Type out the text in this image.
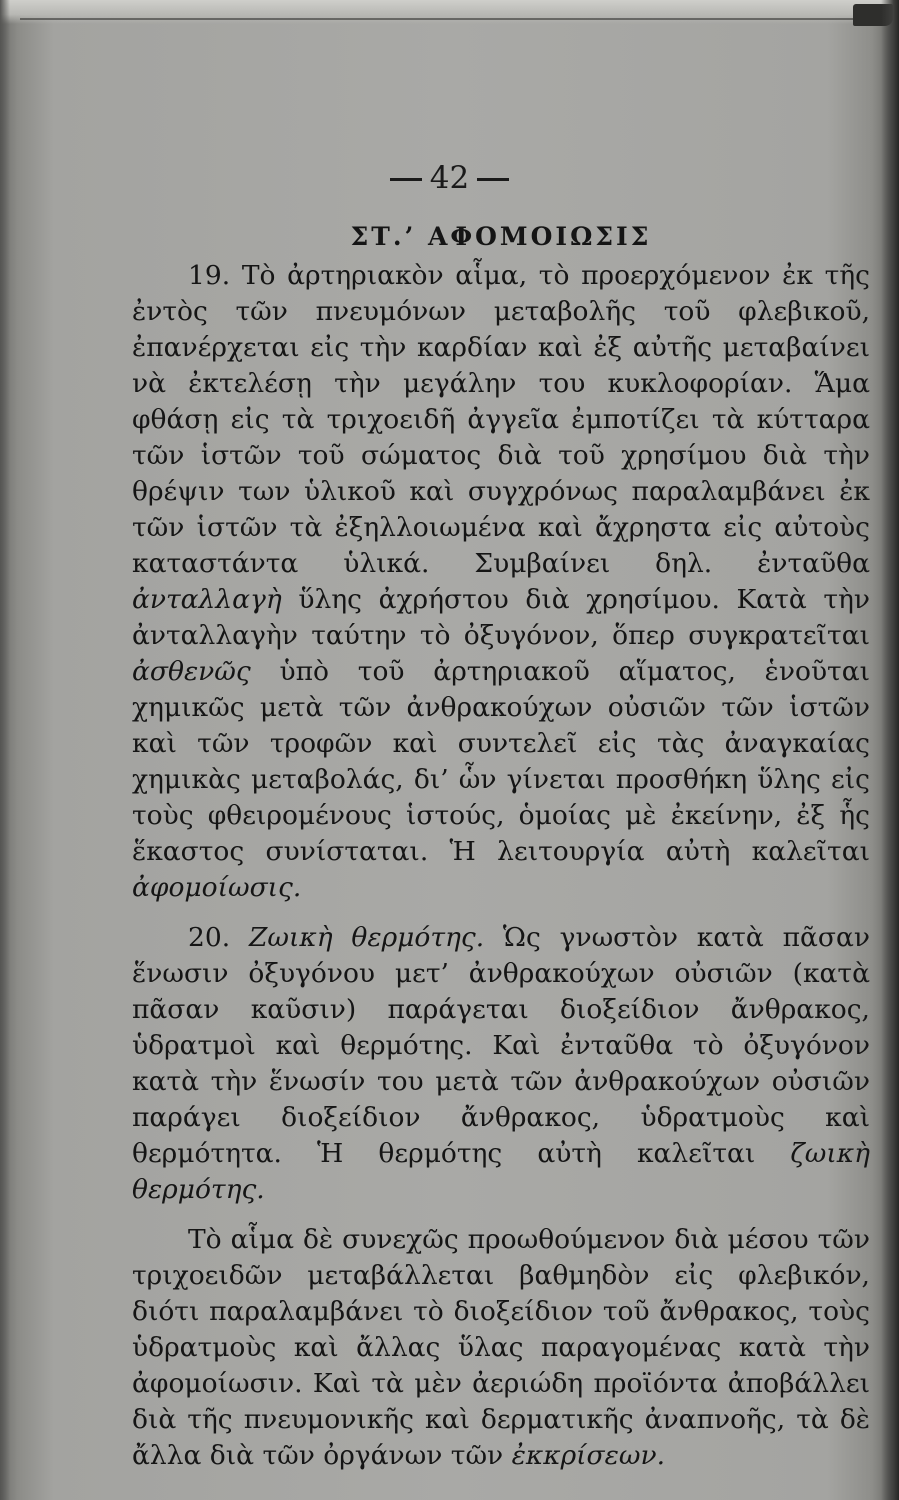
42
ΣΤ.’ ΑΦΟΜΟΙΩΣΙΣ

19. Τὸ ἀρτηριακὸν αἷμα, τὸ προερχόμενον ἐκ τῆς ἐντὸς τῶν πνευμόνων μεταβολῆς τοῦ φλεβικοῦ, ἐπανέρχεται εἰς τὴν καρδίαν καὶ ἐξ αὐτῆς μεταβαίνει νὰ ἐκτελέσῃ τὴν μεγάλην του κυκλοφορίαν. Ἅμα φθάσῃ εἰς τὰ τριχοειδῆ ἀγγεῖα ἐμποτίζει τὰ κύτταρα τῶν ἱστῶν τοῦ σώματος διὰ τοῦ χρησίμου διὰ τὴν θρέψιν των ὑλικοῦ καὶ συγχρόνως παραλαμβάνει ἐκ τῶν ἱστῶν τὰ ἐξηλλοιωμένα καὶ ἄχρηστα εἰς αὐτοὺς καταστάντα ὑλικά. Συμβαίνει δηλ. ἐνταῦθα ἀνταλλαγὴ ὕλης ἀχρήστου διὰ χρησίμου. Κατὰ τὴν ἀνταλλαγὴν ταύτην τὸ ὀξυγόνον, ὅπερ συγκρατεῖται ἀσθενῶς ὑπὸ τοῦ ἀρτηριακοῦ αἵματος, ἑνοῦται χημικῶς μετὰ τῶν ἀνθρακούχων οὐσιῶν τῶν ἱστῶν καὶ τῶν τροφῶν καὶ συντελεῖ εἰς τὰς ἀναγκαίας χημικὰς μεταβολάς, δι’ ὧν γίνεται προσθήκη ὕλης εἰς τοὺς φθειρομένους ἱστούς, ὁμοίας μὲ ἐκείνην, ἐξ ἧς ἕκαστος συνίσταται. Ἡ λειτουργία αὐτὴ καλεῖται ἀφομοίωσις.

20. Ζωικὴ θερμότης. Ὡς γνωστὸν κατὰ πᾶσαν ἕνωσιν ὀξυγόνου μετ’ ἀνθρακούχων οὐσιῶν (κατὰ πᾶσαν καῦσιν) παράγεται διοξείδιον ἄνθρακος, ὑδρατμοὶ καὶ θερμότης. Καὶ ἐνταῦθα τὸ ὀξυγόνον κατὰ τὴν ἕνωσίν του μετὰ τῶν ἀνθρακούχων οὐσιῶν παράγει διοξείδιον ἄνθρακος, ὑδρατμοὺς καὶ θερμότητα. Ἡ θερμότης αὐτὴ καλεῖται ζωικὴ θερμότης.

Τὸ αἷμα δὲ συνεχῶς προωθούμενον διὰ μέσου τῶν τριχοειδῶν μεταβάλλεται βαθμηδὸν εἰς φλεβικόν, διότι παραλαμβάνει τὸ διοξείδιον τοῦ ἄνθρακος, τοὺς ὑδρατμοὺς καὶ ἄλλας ὕλας παραγομένας κατὰ τὴν ἀφομοίωσιν. Καὶ τὰ μὲν ἀεριώδη προϊόντα ἀποβάλλει διὰ τῆς πνευμονικῆς καὶ δερματικῆς ἀναπνοῆς, τὰ δὲ ἄλλα διὰ τῶν ὀργάνων τῶν ἐκκρίσεων.
